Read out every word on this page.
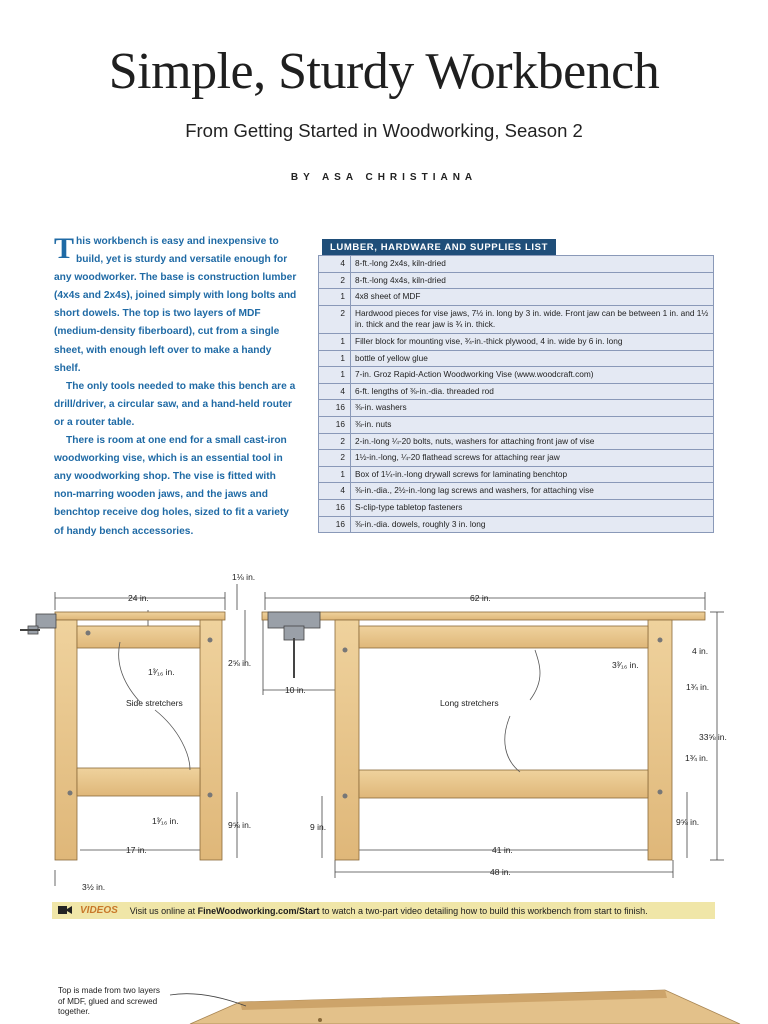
Simple, Sturdy Workbench
From Getting Started in Woodworking, Season 2
BY ASA CHRISTIANA

This workbench is easy and inexpensive to build, yet is sturdy and versatile enough for any woodworker. The base is construction lumber (4x4s and 2x4s), joined simply with long bolts and short dowels. The top is two layers of MDF (medium-density fiberboard), cut from a single sheet, with enough left over to make a handy shelf.

The only tools needed to make this bench are a drill/driver, a circular saw, and a hand-held router or a router table.

There is room at one end for a small cast-iron woodworking vise, which is an essential tool in any woodworking shop. The vise is fitted with non-marring wooden jaws, and the jaws and benchtop receive dog holes, sized to fit a variety of handy bench accessories.

LUMBER, HARDWARE AND SUPPLIES LIST
4	8-ft.-long 2x4s, kiln-dried
2	8-ft.-long 4x4s, kiln-dried
1	4x8 sheet of MDF
2	Hardwood pieces for vise jaws, 7½ in. long by 3 in. wide. Front jaw can be between 1 in. and 1½ in. thick and the rear jaw is ¾ in. thick.
1	Filler block for mounting vise, ¾-in.-thick plywood, 4 in. wide by 6 in. long
1	bottle of yellow glue
1	7-in. Groz Rapid-Action Woodworking Vise (www.woodcraft.com)
4	6-ft. lengths of ⅜-in.-dia. threaded rod
16	⅜-in. washers
16	⅜-in. nuts
2	2-in.-long ¼-20 bolts, nuts, washers for attaching front jaw of vise
2	1½-in.-long, ¼-20 flathead screws for attaching rear jaw
1	Box of 1¼-in.-long drywall screws for laminating benchtop
4	⅜-in.-dia., 2½-in.-long lag screws and washers, for attaching vise
16	S-clip-type tabletop fasteners
16	⅜-in.-dia. dowels, roughly 3 in. long
24 in.
1⅛ in.
1³⁄₁₆ in.
2⅝ in.
Side stretchers
1³⁄₁₆ in.	9⅝ in.
17 in.
3½ in.
62 in.
10 in.
3³⁄₁₆ in.
4 in.
1¾ in.
Long stretchers
33⅝ in.
1¾ in.
9 in.	9⅝ in.
41 in.
48 in.
VIDEOS Visit us online at FineWoodworking.com/Start to watch a two-part video detailing how to build this workbench from start to finish.
Top is made from two layers of MDF, glued and screwed together.
